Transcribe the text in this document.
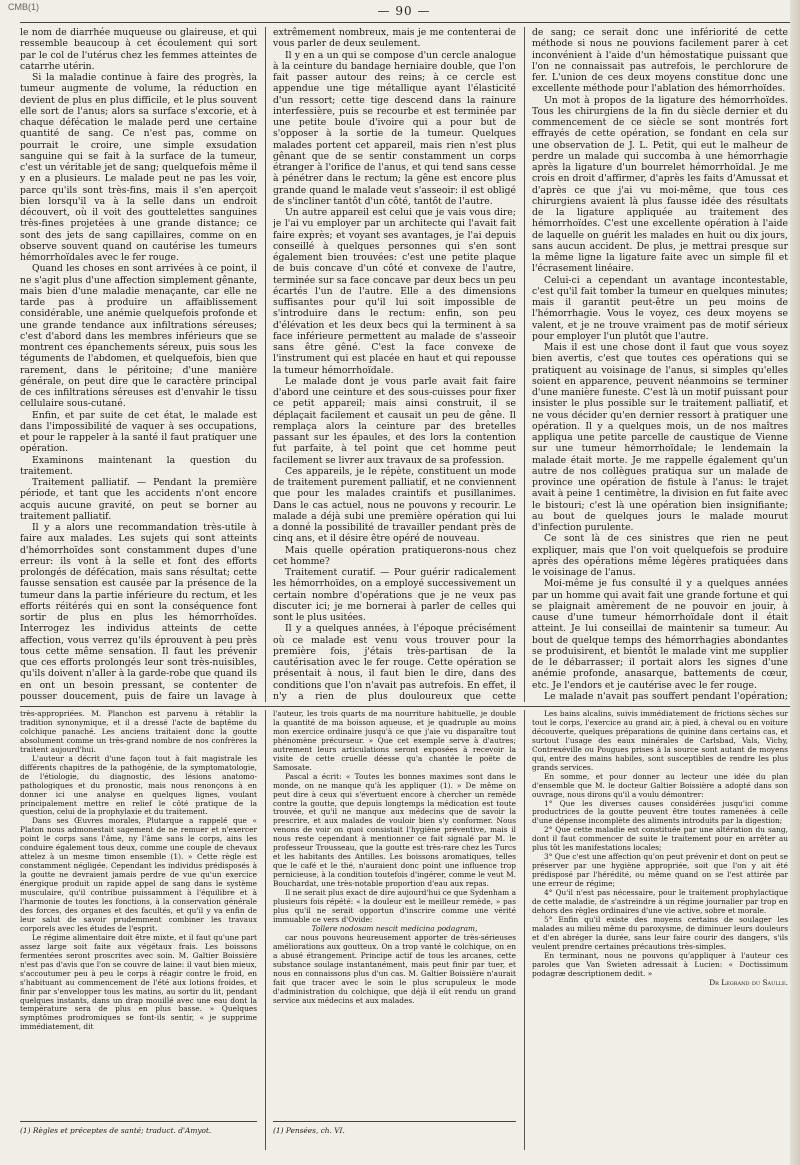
CMB(1)	— 90 —

le nom de diarrhée muqueuse ou glaireuse, et qui ressemble beaucoup à cet écoulement qui sort par le col de l'utérus chez les femmes atteintes de catarrhe utérin.

Si la maladie continue à faire des progrès, la tumeur augmente de volume, la réduction en devient de plus en plus difficile, et le plus souvent elle sort de l'anus; alors sa surface s'excorie, et à chaque défécation le malade perd une certaine quantité de sang. Ce n'est pas, comme on pourrait le croire, une simple exsudation sanguine qui se fait à la surface de la tumeur, c'est un véritable jet de sang; quelquefois même il y en a plusieurs. Le malade peut ne pas les voir, parce qu'ils sont très-fins, mais il s'en aperçoit bien lorsqu'il va à la selle dans un endroit découvert, où il voit des gouttelettes sanguines très-fines projetées à une grande distance; ce sont des jets de sang capillaires, comme on en observe souvent quand on cautérise les tumeurs hémorrhoïdales avec le fer rouge.

Quand les choses en sont arrivées à ce point, il ne s'agit plus d'une affection simplement gênante, mais bien d'une maladie menaçante, car elle ne tarde pas à produire un affaiblissement considérable, une anémie quelquefois profonde et une grande tendance aux infiltrations séreuses; c'est d'abord dans les membres inférieurs que se montrent ces épanchements séreux, puis sous les téguments de l'abdomen, et quelquefois, bien que rarement, dans le péritoine; d'une manière générale, on peut dire que le caractère principal de ces infiltrations séreuses est d'envahir le tissu cellulaire sous-cutané.

Enfin, et par suite de cet état, le malade est dans l'impossibilité de vaquer à ses occupations, et pour le rappeler à la santé il faut pratiquer une opération.

Examinons maintenant la question du traitement.

Traitement palliatif. — Pendant la première période, et tant que les accidents n'ont encore acquis aucune gravité, on peut se borner au traitement palliatif.

Il y a alors une recommandation très-utile à faire aux malades. Les sujets qui sont atteints d'hémorrhoïdes sont constamment dupes d'une erreur: ils vont à la selle et font des efforts prolongés de défécation, mais sans résultat; cette fausse sensation est causée par la présence de la tumeur dans la partie inférieure du rectum, et les efforts réitérés qui en sont la conséquence font sortir de plus en plus les hémorrhoïdes. Interrogez les individus atteints de cette affection, vous verrez qu'ils éprouvent à peu près tous cette même sensation. Il faut les prévenir que ces efforts prolongés leur sont très-nuisibles, qu'ils doivent n'aller à la garde-robe que quand ils en ont un besoin pressant, se contenter de pousser doucement, puis de faire un lavage à

extrêmement nombreux, mais je me contenterai de vous parler de deux seulement.

Il y en a un qui se compose d'un cercle analogue à la ceinture du bandage herniaire double, que l'on fait passer autour des reins; à ce cercle est appendue une tige métallique ayant l'élasticité d'un ressort; cette tige descend dans la rainure interfessière, puis se recourbe et est terminée par une petite boule d'ivoire qui a pour but de s'opposer à la sortie de la tumeur. Quelques malades portent cet appareil, mais rien n'est plus gênant que de se sentir constamment un corps étranger à l'orifice de l'anus, et qui tend sans cesse à pénétrer dans le rectum; la gêne est encore plus grande quand le malade veut s'asseoir: il est obligé de s'incliner tantôt d'un côté, tantôt de l'autre.

Un autre appareil est celui que je vais vous dire; je l'ai vu employer par un architecte qui l'avait fait faire exprès; et voyant ses avantages, je l'ai depuis conseillé à quelques personnes qui s'en sont également bien trouvées: c'est une petite plaque de buis concave d'un côté et convexe de l'autre, terminée sur sa face concave par deux becs un peu écartés l'un de l'autre. Elle a des dimensions suffisantes pour qu'il lui soit impossible de s'introduire dans le rectum: enfin, son peu d'élévation et les deux becs qui la terminent à sa face inférieure permettent au malade de s'asseoir sans être gêné. C'est la face convexe de l'instrument qui est placée en haut et qui repousse la tumeur hémorrhoïdale.

Le malade dont je vous parle avait fait faire d'abord une ceinture et des sous-cuisses pour fixer ce petit appareil; mais ainsi construit, il se déplaçait facilement et causait un peu de gêne. Il remplaça alors la ceinture par des bretelles passant sur les épaules, et des lors la contention fut parfaite, à tel point que cet homme peut facilement se livrer aux travaux de sa profession.

Ces appareils, je le répète, constituent un mode de traitement purement palliatif, et ne conviennent que pour les malades craintifs et pusillanimes. Dans le cas actuel, nous ne pouvons y recourir. Le malade a déjà subi une première opération qui lui a donné la possibilité de travailler pendant près de cinq ans, et il désire être opéré de nouveau.

Mais quelle opération pratiquerons-nous chez cet homme?

Traitement curatif. — Pour guérir radicalement les hémorrhoïdes, on a employé successivement un certain nombre d'opérations que je ne veux pas discuter ici; je me bornerai à parler de celles qui sont le plus usitées.

Il y a quelques années, à l'époque précisément où ce malade est venu vous trouver pour la première fois, j'étais très-partisan de la cautérisation avec le fer rouge. Cette opération se présentait à nous, il faut bien le dire, dans des conditions que l'on n'avait pas autrefois. En effet, il n'y a rien de plus douloureux que cette

de sang; ce serait donc une infériorité de cette méthode si nous ne pouvions facilement parer à cet inconvénient à l'aide d'un hémostatique puissant que l'on ne connaissait pas autrefois, le perchlorure de fer. L'union de ces deux moyens constitue donc une excellente méthode pour l'ablation des hémorrhoïdes.

Un mot à propos de la ligature des hémorrhoïdes. Tous les chirurgiens de la fin du siècle dernier et du commencement de ce siècle se sont montrés fort effrayés de cette opération, se fondant en cela sur une observation de J. L. Petit, qui eut le malheur de perdre un malade qui succomba à une hémorrhagie après la ligature d'un bourrelet hémorrhoïdal. Je me crois en droit d'affirmer, d'après les faits d'Amussat et d'après ce que j'ai vu moi-même, que tous ces chirurgiens avaient là plus fausse idée des résultats de la ligature appliquée au traitement des hémorrhoïdes. C'est une excellente opération à l'aide de laquelle on guérit les malades en huit ou dix jours, sans aucun accident. De plus, je mettrai presque sur la même ligne la ligature faite avec un simple fil et l'écrasement linéaire.

Celui-ci a cependant un avantage incontestable, c'est qu'il fait tomber la tumeur en quelques minutes; mais il garantit peut-être un peu moins de l'hémorrhagie. Vous le voyez, ces deux moyens se valent, et je ne trouve vraiment pas de motif sérieux pour employer l'un plutôt que l'autre.

Mais il est une chose dont il faut que vous soyez bien avertis, c'est que toutes ces opérations qui se pratiquent au voisinage de l'anus, si simples qu'elles soient en apparence, peuvent néanmoins se terminer d'une manière funeste. C'est là un motif puissant pour insister le plus possible sur le traitement palliatif, et ne vous décider qu'en dernier ressort à pratiquer une opération. Il y a quelques mois, un de nos maîtres appliqua une petite parcelle de caustique de Vienne sur une tumeur hémorrhoïdale; le lendemain la malade était morte. Je me rappelle également qu'un autre de nos collègues pratiqua sur un malade de province une opération de fistule à l'anus: le trajet avait à peine 1 centimètre, la division en fut faite avec le bistouri; c'est là une opération bien insignifiante; au bout de quelques jours le malade mourut d'infection purulente.

Ce sont là de ces sinistres que rien ne peut expliquer, mais que l'on voit quelquefois se produire après des opérations même légères pratiquées dans le voisinage de l'anus.

Moi-même je fus consulté il y a quelques années par un homme qui avait fait une grande fortune et qui se plaignait amèrement de ne pouvoir en jouir, à cause d'une tumeur hémorrhoïdale dont il était atteint. Je lui conseillai de maintenir sa tumeur. Au bout de quelque temps des hémorrhagies abondantes se produisirent, et bientôt le malade vint me supplier de le débarrasser; il portait alors les signes d'une anémie profonde, anasarque, battements de cœur, etc. Je l'endors et je cautérise avec le fer rouge.

Le malade n'avait pas souffert pendant l'opération;

très-appropriées. M. Planchon est parvenu à rétablir la tradition synonymique, et il a dressé l'acte de baptême du colchique panaché. Les anciens traitaient donc la goutte absolument comme un très-grand nombre de nos confrères la traitent aujourd'hui.

L'auteur a décrit d'une façon tout à fait magistrale les différents chapitres de la pathogénie, de la symptomatologie, de l'étiologie, du diagnostic, des lésions anatomo-pathologiques et du pronostic, mais nous renonçons à en donner ici une analyse en quelques lignes, voulant principalement mettre en relief le côté pratique de la question, celui de la prophylaxie et du traitement.

Dans ses Œuvres morales, Plutarque a rappelé que « Platon nous admonestait sagement de ne remuer et n'exercer point le corps sans l'âme, ny l'âme sans le corps, ains les conduire également tous deux, comme une couple de chevaux attelez à un mesme timon ensemble (1). » Cette règle est constamment négligée. Cependant les individus prédisposés à la goutte ne devraient jamais perdre de vue qu'un exercice énergique produit un rapide appel de sang dans le système musculaire, qu'il contribue puissamment à l'équilibre et à l'harmonie de toutes les fonctions, à la conservation générale des forces, des organes et des facultés, et qu'il y va enfin de leur salut de savoir prudemment combiner les travaux corporels avec les études de l'esprit.

Le régime alimentaire doit être mixte, et il faut qu'une part assez large soit faite aux végétaux frais. Les boissons fermentées seront proscrites avec soin. M. Galtier Boissière n'est pas d'avis que l'on se couvre de laine: il vaut bien mieux, s'accoutumer peu à peu le corps à réagir contre le froid, en s'habituant au commencement de l'été aux lotions froides, et finir par s'envelopper tous les matins, au sortir du lit, pendant quelques instants, dans un drap mouillé avec une eau dont la température sera de plus en plus basse. » Quelques symptômes prodromiques se font-ils sentir, « je supprime immédiatement, dit

l'auteur, les trois quarts de ma nourriture habituelle, je double la quantité de ma boisson aqueuse, et je quadruple au moins mon exercice ordinaire jusqu'à ce que j'aie vu disparaître tout phénomène précurseur. » Que cet exemple serve à d'autres; autrement leurs articulations seront exposées à recevoir la visite de cette cruelle déesse qu'a chantée le poëte de Samosate.

Pascal a écrit: « Toutes les bonnes maximes sont dans le monde, on ne manque qu'à les appliquer (1). » De même on peut dire à ceux qui s'évertuent encore à chercher un remède contre la goutte, que depuis longtemps la médication est toute trouvée, et qu'il ne manque aux médecins que de savoir la prescrire, et aux malades de vouloir bien s'y conformer. Nous venons de voir on quoi consistait l'hygiène préventive, mais il nous reste cependant à mentionner ce fait signalé par M. le professeur Trousseau, que la goutte est très-rare chez les Turcs et les habitants des Antilles. Les boissons aromatiques, telles que le café et le thé, n'auraient donc point une influence trop pernicieuse, à la condition toutefois d'ingérer, comme le veut M. Bouchardat, une très-notable proportion d'eau aux repas.

Il ne serait plus exact de dire aujourd'hui ce que Sydenham a plusieurs fois répété: « la douleur est le meilleur remède, » pas plus qu'il ne serait opportun d'inscrire comme une vérité immuable ce vers d'Ovide:

Tollere nodosam nescit medicina podagram,

car nous pouvons heureusement apporter de très-sérieuses améliorations aux goutteux. On a trop vanté le colchique, on en a abusé étrangement. Principe actif de tous les arcanes, cette substance soulage instantanément, mais peut finir par tuer, et nous en connaissons plus d'un cas. M. Galtier Boissière n'aurait fait que tracer avec le soin le plus scrupuleux le mode d'administration du colchique, que déjà il eût rendu un grand service aux médecins et aux malades.

Les bains alcalins, suivis immédiatement de frictions sèches sur tout le corps, l'exercice au grand air, à pied, à cheval ou en voiture découverte, quelques préparations de quinine dans certains cas, et surtout l'usage des eaux minérales de Carlsbad, Vals, Vichy, Contrexéville ou Pougues prises à la source sont autant de moyens qui, entre des mains habiles, sont susceptibles de rendre les plus grands services.

En somme, et pour donner au lecteur une idée du plan d'ensemble que M. le docteur Galtier Boissière a adopté dans son ouvrage, nous dirons qu'il a voulu démontrer:

1° Que les diverses causes considérées jusqu'ici comme productrices de la goutte peuvent être toutes ramenées à celle d'une dépense incomplète des aliments introduits par la digestion;

2° Que cette maladie est constituée par une altération du sang, dont il faut commencer de suite le traitement pour en arrêter au plus tôt les manifestations locales;

3° Que c'est une affection qu'on peut prévenir et dont on peut se préserver par une hygiène appropriée, soit que l'on y ait été prédisposé par l'hérédité, ou même quand on se l'est attirée par une erreur de régime;

4° Qu'il n'est pas nécessaire, pour le traitement prophylactique de cette maladie, de s'astreindre à un régime journalier par trop en dehors des règles ordinaires d'une vie active, sobre et morale.

5° Enfin qu'il existe des moyens certains de soulager les malades au milieu même du paroxysme, de diminuer leurs douleurs et d'en abréger la durée, sans leur faire courir des dangers, s'ils veulent prendre certaines précautions très-simples.

En terminant, nous ne pouvons qu'appliquer à l'auteur ces paroles que Van Swieten adressait à Lucien: « Doctissimum podagræ descriptionem dedit. »

Dr Legrand du Saulle.
(1) Règles et préceptes de santé; traduct. d'Amyot.	(1) Pensées, ch. VI.
